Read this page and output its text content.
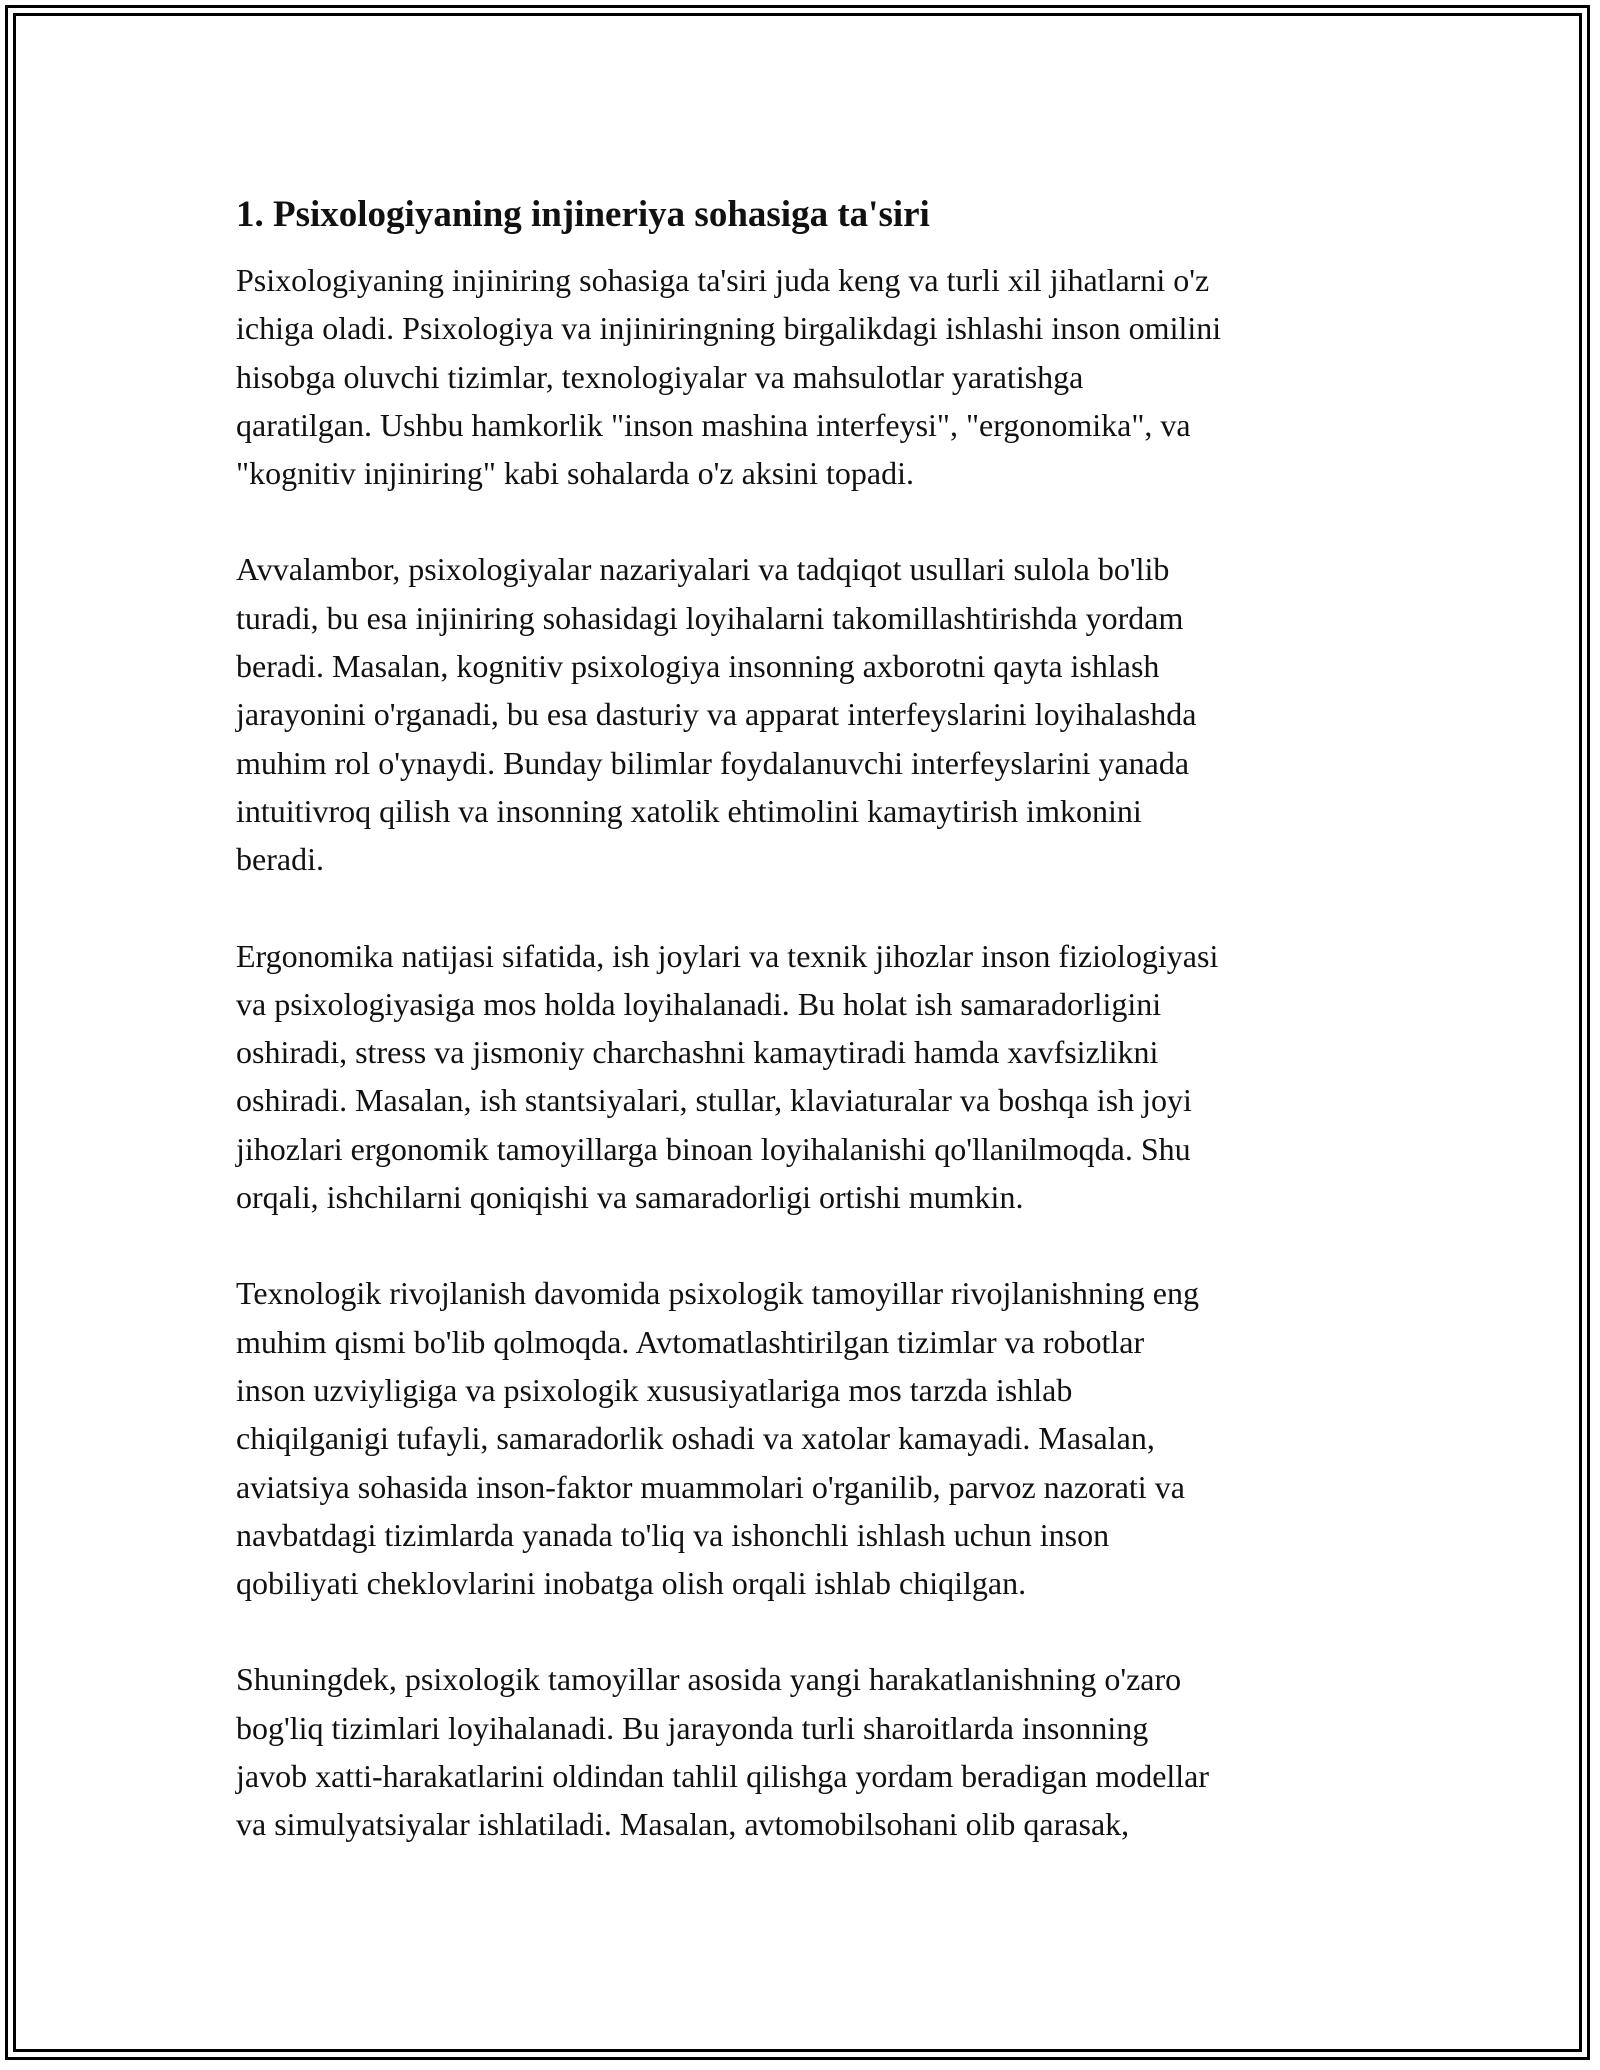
1. Psixologiyaning injineriya sohasiga ta'siri

Psixologiyaning injiniring sohasiga ta'siri juda keng va turli xil jihatlarni o'z
ichiga oladi. Psixologiya va injiniringning birgalikdagi ishlashi inson omilini
hisobga oluvchi tizimlar, texnologiyalar va mahsulotlar yaratishga
qaratilgan. Ushbu hamkorlik "inson mashina interfeysi", "ergonomika", va
"kognitiv injiniring" kabi sohalarda o'z aksini topadi.

Avvalambor, psixologiyalar nazariyalari va tadqiqot usullari sulola bo'lib
turadi, bu esa injiniring sohasidagi loyihalarni takomillashtirishda yordam
beradi. Masalan, kognitiv psixologiya insonning axborotni qayta ishlash
jarayonini o'rganadi, bu esa dasturiy va apparat interfeyslarini loyihalashda
muhim rol o'ynaydi. Bunday bilimlar foydalanuvchi interfeyslarini yanada
intuitivroq qilish va insonning xatolik ehtimolini kamaytirish imkonini
beradi.

Ergonomika natijasi sifatida, ish joylari va texnik jihozlar inson fiziologiyasi
va psixologiyasiga mos holda loyihalanadi. Bu holat ish samaradorligini
oshiradi, stress va jismoniy charchashni kamaytiradi hamda xavfsizlikni
oshiradi. Masalan, ish stantsiyalari, stullar, klaviaturalar va boshqa ish joyi
jihozlari ergonomik tamoyillarga binoan loyihalanishi qo'llanilmoqda. Shu
orqali, ishchilarni qoniqishi va samaradorligi ortishi mumkin.

Texnologik rivojlanish davomida psixologik tamoyillar rivojlanishning eng
muhim qismi bo'lib qolmoqda. Avtomatlashtirilgan tizimlar va robotlar
inson uzviyligiga va psixologik xususiyatlariga mos tarzda ishlab
chiqilganigi tufayli, samaradorlik oshadi va xatolar kamayadi. Masalan,
aviatsiya sohasida inson-faktor muammolari o'rganilib, parvoz nazorati va
navbatdagi tizimlarda yanada to'liq va ishonchli ishlash uchun inson
qobiliyati cheklovlarini inobatga olish orqali ishlab chiqilgan.

Shuningdek, psixologik tamoyillar asosida yangi harakatlanishning o'zaro
bog'liq tizimlari loyihalanadi. Bu jarayonda turli sharoitlarda insonning
javob xatti-harakatlarini oldindan tahlil qilishga yordam beradigan modellar
va simulyatsiyalar ishlatiladi. Masalan, avtomobilsohani olib qarasak,
